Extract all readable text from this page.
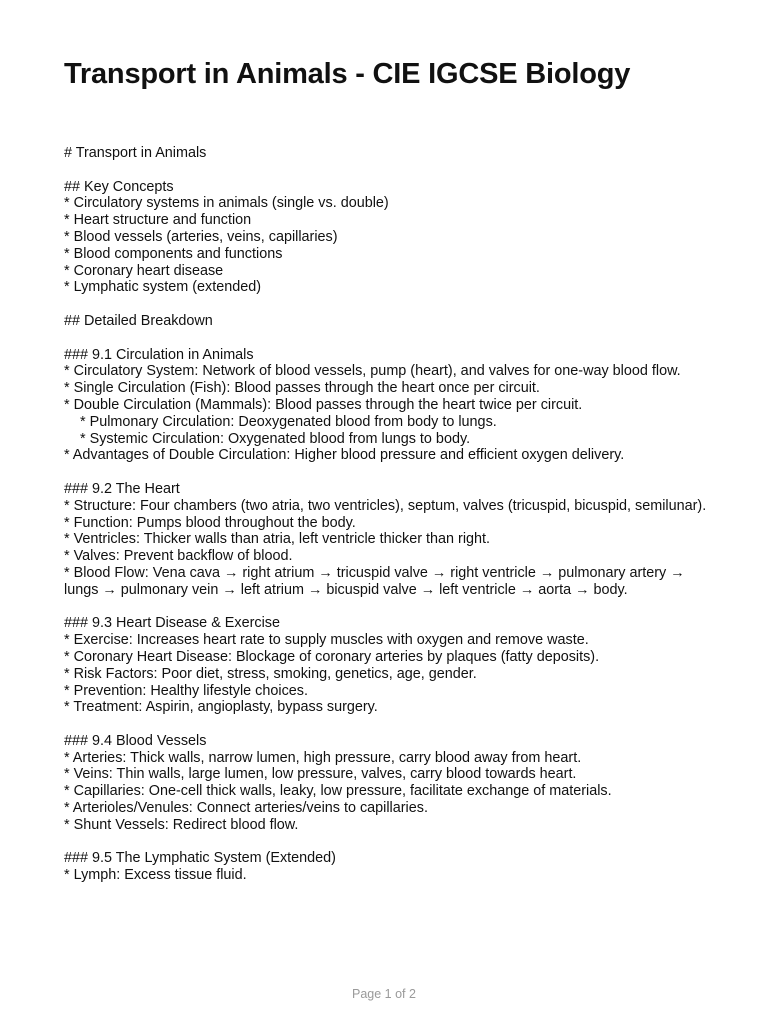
Transport in Animals - CIE IGCSE Biology
# Transport in Animals
## Key Concepts
* Circulatory systems in animals (single vs. double)
* Heart structure and function
* Blood vessels (arteries, veins, capillaries)
* Blood components and functions
* Coronary heart disease
* Lymphatic system (extended)
## Detailed Breakdown
### 9.1 Circulation in Animals
* Circulatory System: Network of blood vessels, pump (heart), and valves for one-way blood flow.
* Single Circulation (Fish): Blood passes through the heart once per circuit.
* Double Circulation (Mammals): Blood passes through the heart twice per circuit.
* Pulmonary Circulation: Deoxygenated blood from body to lungs.
* Systemic Circulation: Oxygenated blood from lungs to body.
* Advantages of Double Circulation: Higher blood pressure and efficient oxygen delivery.
### 9.2 The Heart
* Structure: Four chambers (two atria, two ventricles), septum, valves (tricuspid, bicuspid, semilunar).
* Function: Pumps blood throughout the body.
* Ventricles: Thicker walls than atria, left ventricle thicker than right.
* Valves: Prevent backflow of blood.
* Blood Flow: Vena cava → right atrium → tricuspid valve → right ventricle → pulmonary artery → lungs → pulmonary vein → left atrium → bicuspid valve → left ventricle → aorta → body.
### 9.3 Heart Disease & Exercise
* Exercise: Increases heart rate to supply muscles with oxygen and remove waste.
* Coronary Heart Disease: Blockage of coronary arteries by plaques (fatty deposits).
* Risk Factors: Poor diet, stress, smoking, genetics, age, gender.
* Prevention: Healthy lifestyle choices.
* Treatment: Aspirin, angioplasty, bypass surgery.
### 9.4 Blood Vessels
* Arteries: Thick walls, narrow lumen, high pressure, carry blood away from heart.
* Veins: Thin walls, large lumen, low pressure, valves, carry blood towards heart.
* Capillaries: One-cell thick walls, leaky, low pressure, facilitate exchange of materials.
* Arterioles/Venules: Connect arteries/veins to capillaries.
* Shunt Vessels: Redirect blood flow.
### 9.5 The Lymphatic System (Extended)
* Lymph: Excess tissue fluid.
Page 1 of 2
